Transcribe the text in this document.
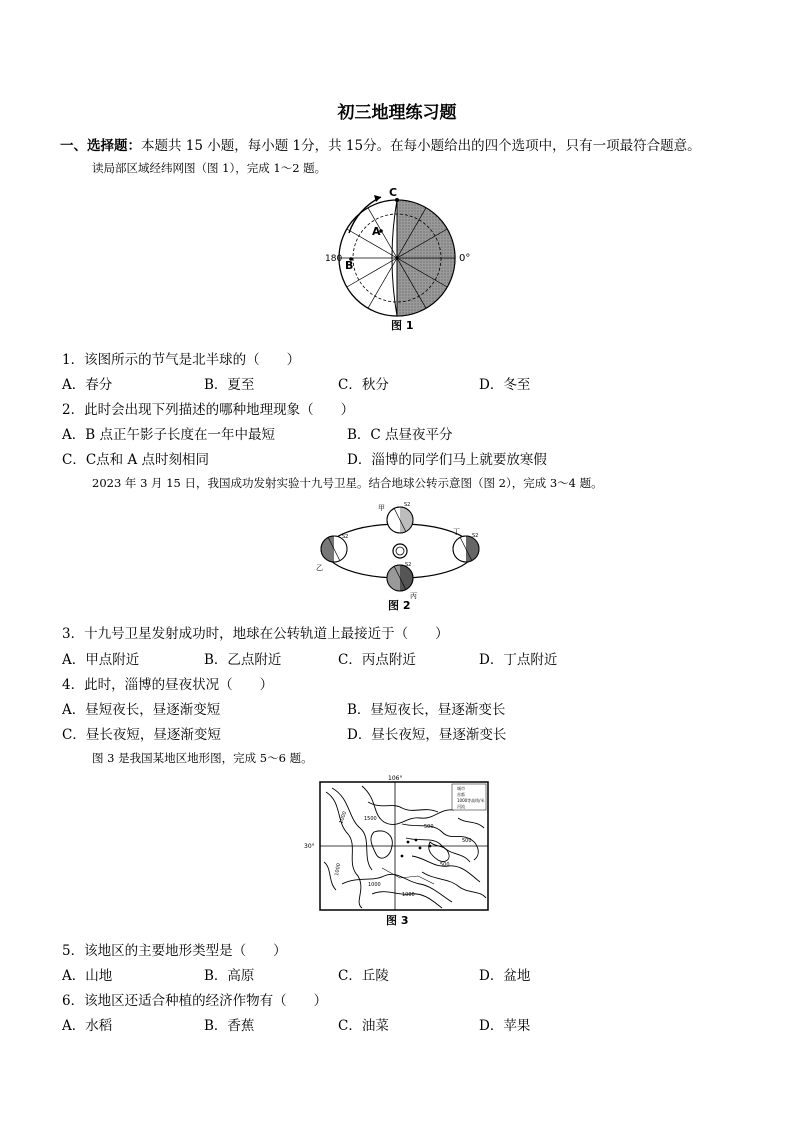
初三地理练习题
一、选择题：本题共 15 小题，每小题 1分，共 15分。在每小题给出的四个选项中，只有一项最符合题意。
读局部区域经纬网图（图 1），完成 1～2 题。
C
A
B
180	0°
图 1
1．该图所示的节气是北半球的（　　）
A．春分	B．夏至	C．秋分	D．冬至
2．此时会出现下列描述的哪种地理现象（　　）
A．B 点正午影子长度在一年中最短	B．C 点昼夜平分
C．C点和 A 点时刻相同	D．淄博的同学们马上就要放寒假
2023 年 3 月 15 日，我国成功发射实验十九号卫星。结合地球公转示意图（图 2），完成 3～4 题。
甲
乙
丙
丁
S2
S2
S2
S2
图 2
3．十九号卫星发射成功时，地球在公转轨道上最接近于（　　）
A．甲点附近	B．乙点附近	C．丙点附近	D．丁点附近
4．此时，淄博的昼夜状况（　　）
A．昼短夜长，昼逐渐变短	B．昼短夜长，昼逐渐变长
C．昼长夜短，昼逐渐变短	D．昼长夜短，昼逐渐变长
图 3 是我国某地区地形图，完成 5～6 题。
城市
首都
1000等高线/米
河流
106°
30°
1000	1500
500
1000	500
1000
500
1000
图 3
5．该地区的主要地形类型是（　　）
A．山地	B．高原	C．丘陵	D．盆地
6．该地区还适合种植的经济作物有（　　）
A．水稻	B．香蕉	C．油菜	D．苹果
